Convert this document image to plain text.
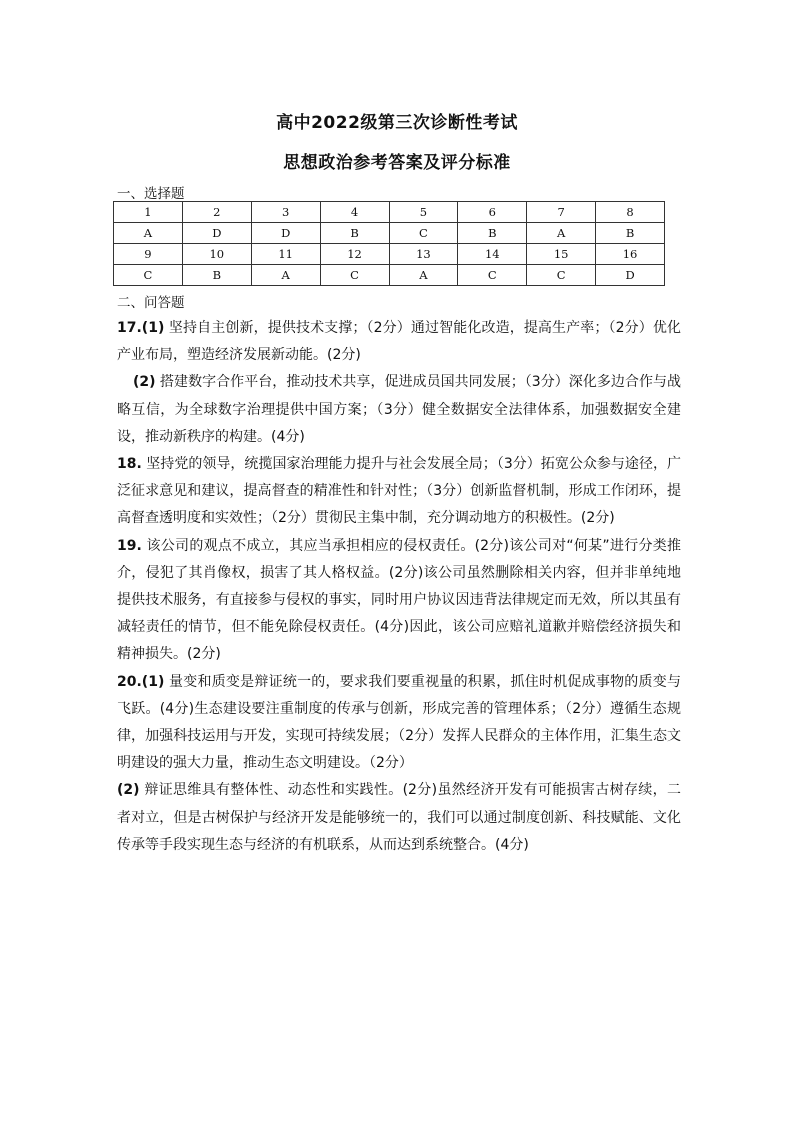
高中2022级第三次诊断性考试
思想政治参考答案及评分标准
一、选择题
1	2	3	4	5	6	7	8
A	D	D	B	C	B	A	B
9	10	11	12	13	14	15	16
C	B	A	C	A	C	C	D
二、问答题

17.(1) 坚持自主创新，提供技术支撑；（2分）通过智能化改造，提高生产率；（2分）优化产业布局，塑造经济发展新动能。(2分)

(2) 搭建数字合作平台，推动技术共享，促进成员国共同发展；（3分）深化多边合作与战略互信，为全球数字治理提供中国方案；（3分）健全数据安全法律体系，加强数据安全建设，推动新秩序的构建。(4分)

18. 坚持党的领导，统揽国家治理能力提升与社会发展全局；（3分）拓宽公众参与途径，广泛征求意见和建议，提高督查的精准性和针对性；（3分）创新监督机制，形成工作闭环，提高督查透明度和实效性；（2分）贯彻民主集中制，充分调动地方的积极性。(2分)

19. 该公司的观点不成立，其应当承担相应的侵权责任。(2分)该公司对“何某”进行分类推介，侵犯了其肖像权，损害了其人格权益。(2分)该公司虽然删除相关内容，但并非单纯地提供技术服务，有直接参与侵权的事实，同时用户协议因违背法律规定而无效，所以其虽有减轻责任的情节，但不能免除侵权责任。(4分)因此，该公司应赔礼道歉并赔偿经济损失和精神损失。(2分)

20.(1) 量变和质变是辩证统一的，要求我们要重视量的积累，抓住时机促成事物的质变与飞跃。(4分)生态建设要注重制度的传承与创新，形成完善的管理体系；（2分）遵循生态规律，加强科技运用与开发，实现可持续发展；（2分）发挥人民群众的主体作用，汇集生态文明建设的强大力量，推动生态文明建设。（2分）

(2) 辩证思维具有整体性、动态性和实践性。(2分)虽然经济开发有可能损害古树存续，二者对立，但是古树保护与经济开发是能够统一的，我们可以通过制度创新、科技赋能、文化传承等手段实现生态与经济的有机联系，从而达到系统整合。(4分)
